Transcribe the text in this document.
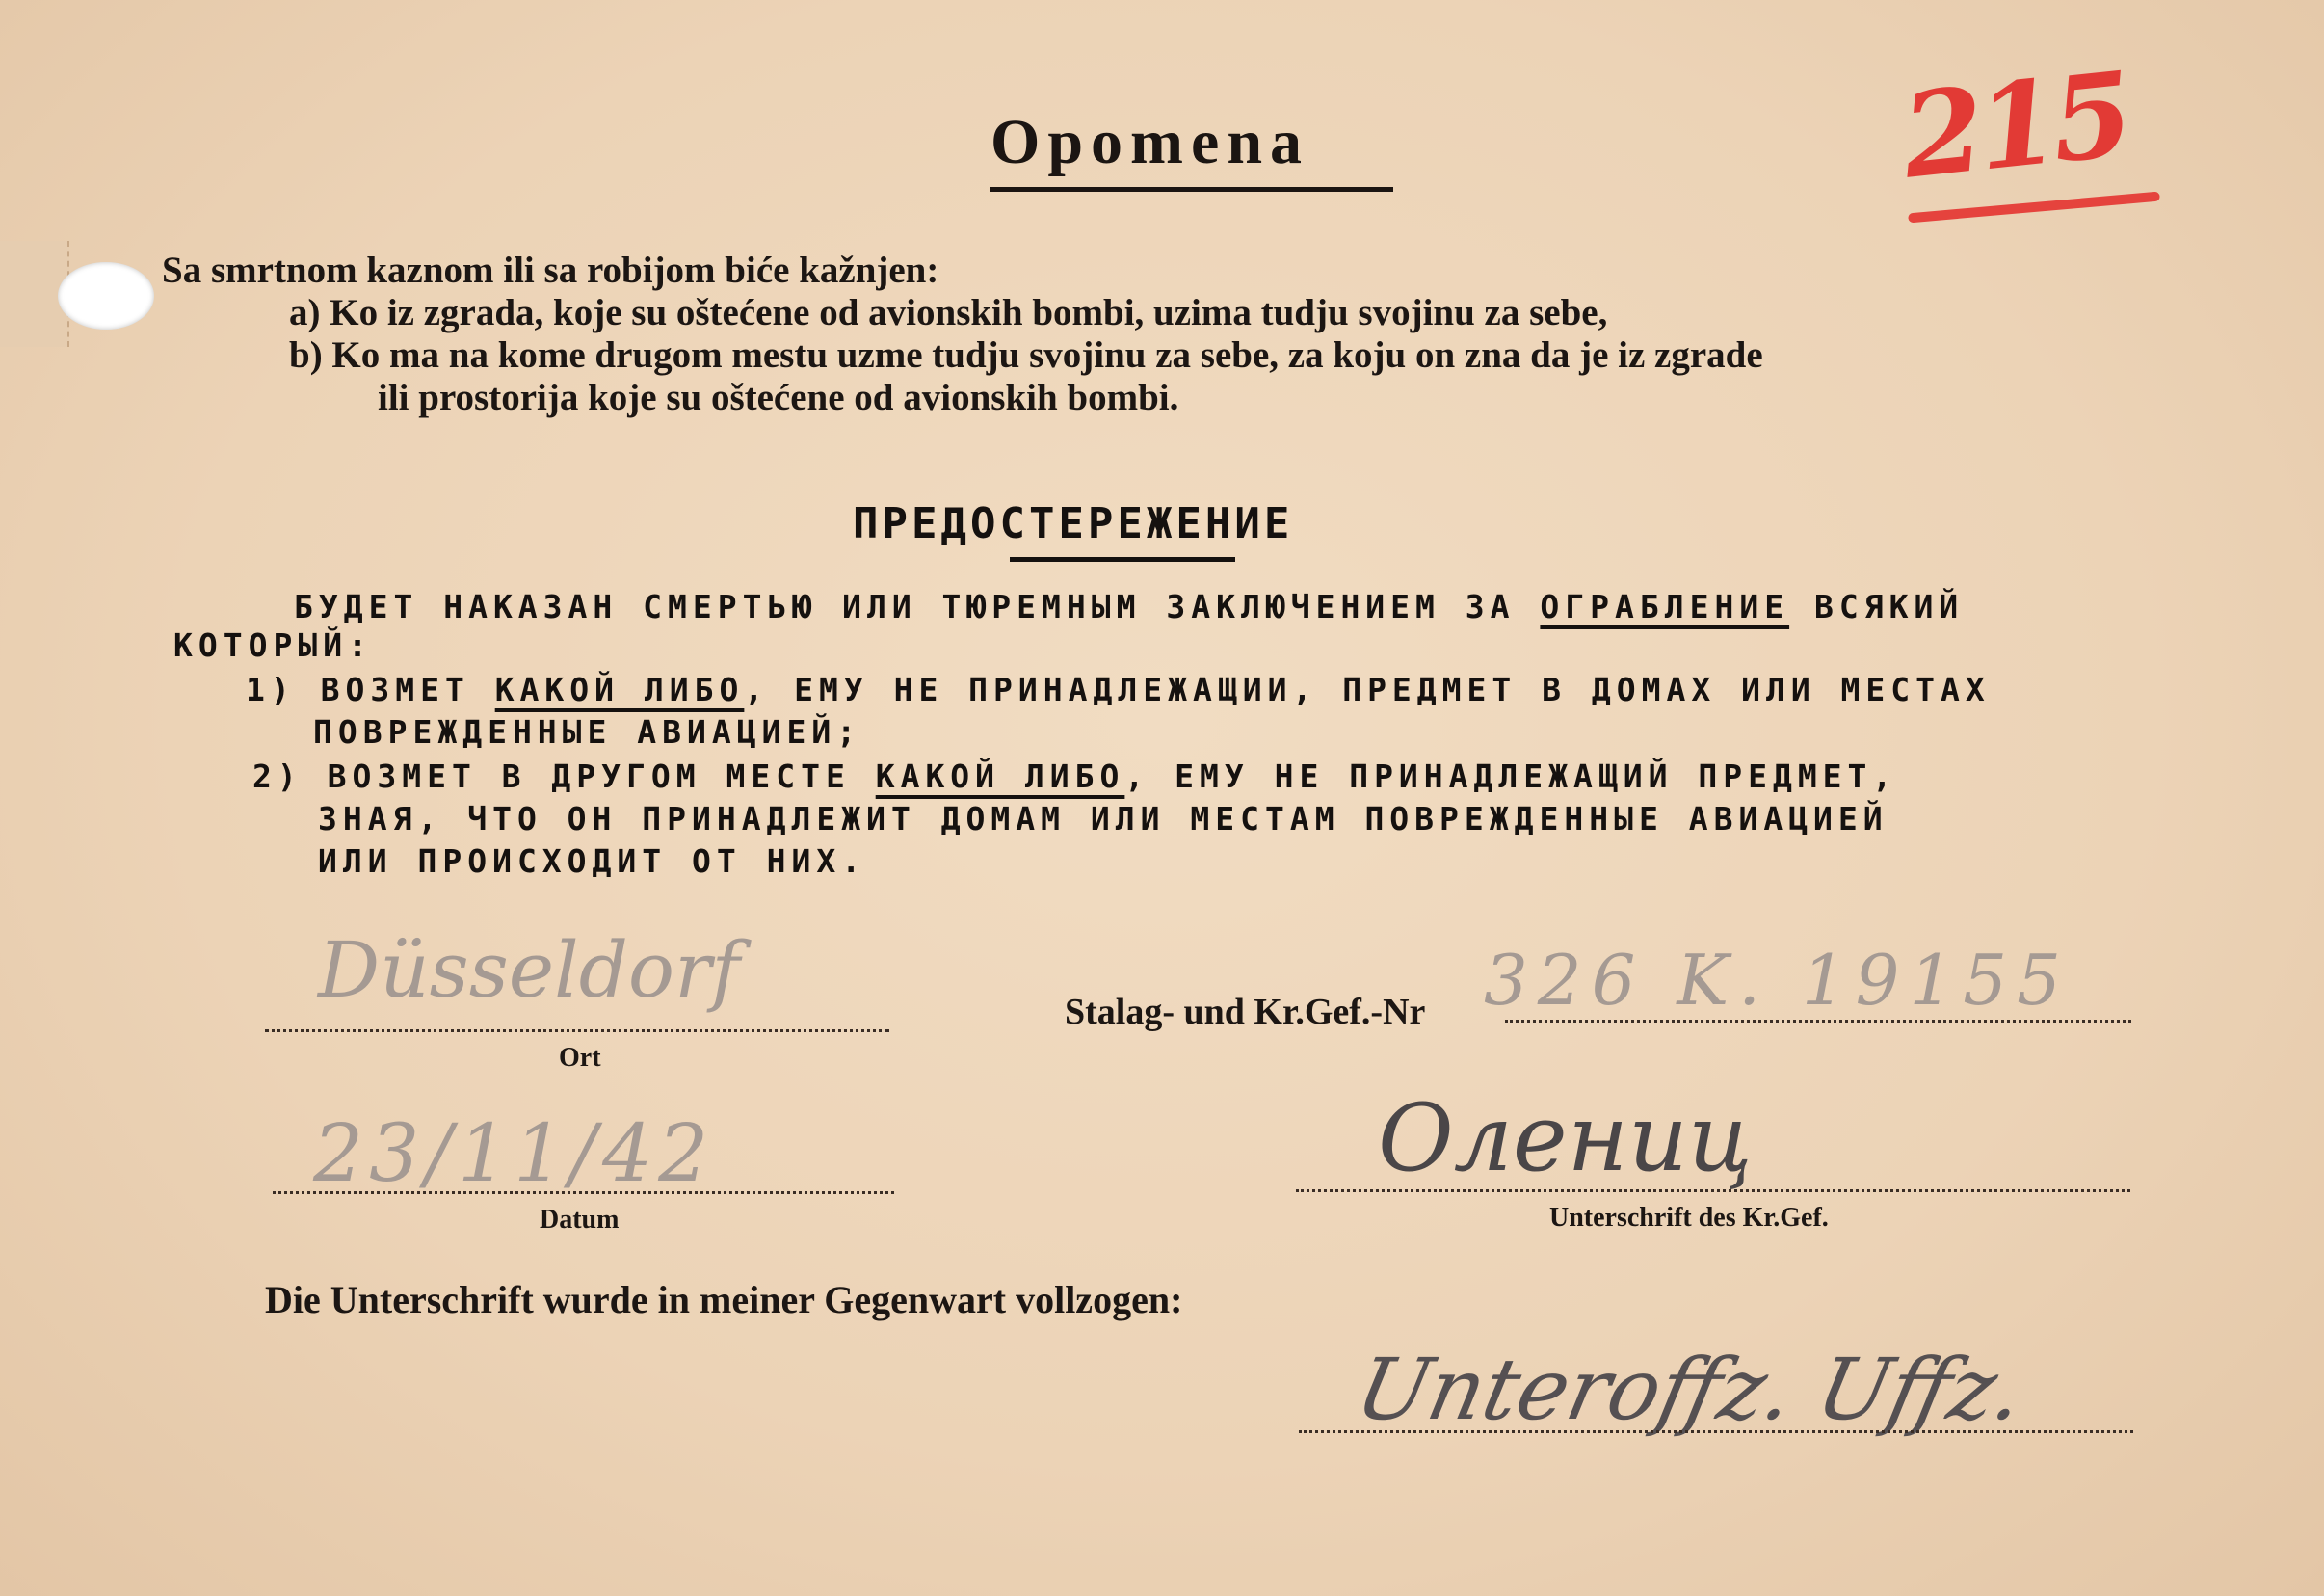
Opomena	215
Sa smrtnom kaznom ili sa robijom biće kažnjen:
a) Ko iz zgrada, koje su oštećene od avionskih bombi, uzima tudju svojinu za sebe,
b) Ko ma na kome drugom mestu uzme tudju svojinu za sebe, za koju on zna da je iz zgrade
ili prostorija koje su oštećene od avionskih bombi.
ПРЕДОСТЕРЕЖЕНИЕ
БУДЕТ НАКАЗАН СМЕРТЬЮ ИЛИ ТЮРЕМНЫМ ЗАКЛЮЧЕНИЕМ ЗА ОГРАБЛЕНИЕ ВСЯКИЙ
КОТОРЫЙ:
1) ВОЗМЕТ КАКОЙ ЛИБО, ЕМУ НЕ ПРИНАДЛЕЖАЩИИ, ПРЕДМЕТ В ДОМАХ ИЛИ МЕСТАХ
ПОВРЕЖДЕННЫЕ АВИАЦИЕЙ;
2) ВОЗМЕТ В ДРУГОМ МЕСТЕ КАКОЙ ЛИБО, ЕМУ НЕ ПРИНАДЛЕЖАЩИЙ ПРЕДМЕТ,
ЗНАЯ, ЧТО ОН ПРИНАДЛЕЖИТ ДОМАМ ИЛИ МЕСТАМ ПОВРЕЖДЕННЫЕ АВИАЦИЕЙ
ИЛИ ПРОИСХОДИТ ОТ НИХ.
Düsseldorf
Ort
Stalag- und Kr.Gef.-Nr 326 K. 19155
23/11/42
Datum
Олениц
Unterschrift des Kr.Gef.
Die Unterschrift wurde in meiner Gegenwart vollzogen:
Unteroffz. Uffz.
